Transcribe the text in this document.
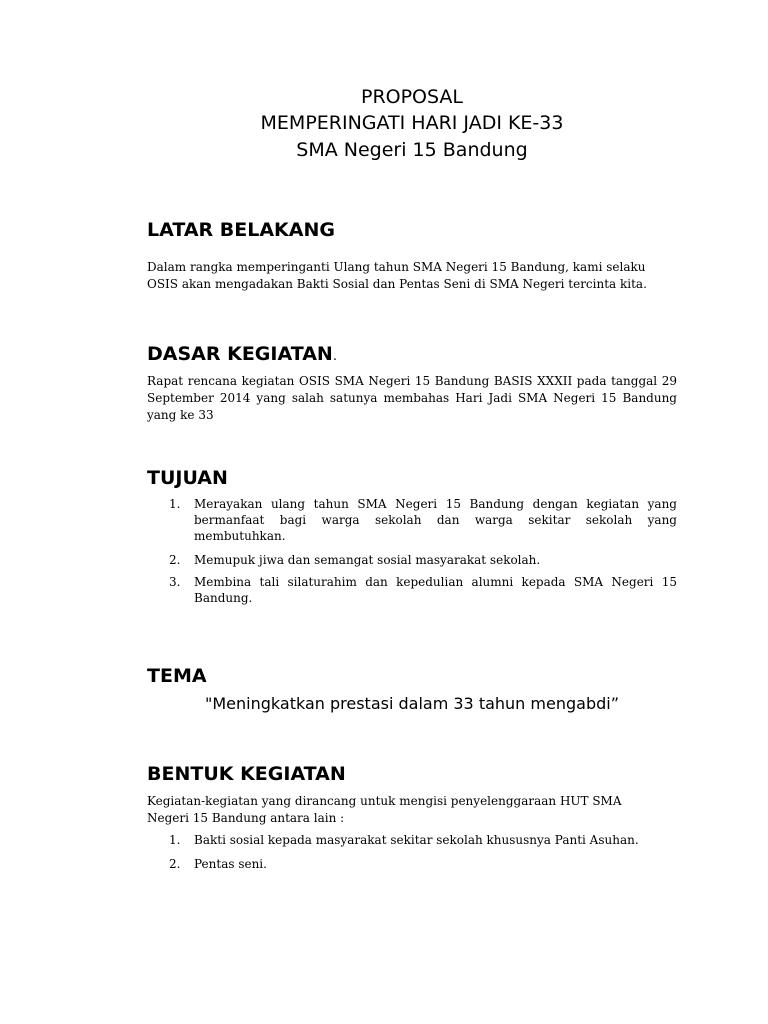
PROPOSAL
MEMPERINGATI HARI JADI KE-33
SMA Negeri 15 Bandung
LATAR BELAKANG
Dalam rangka memperinganti Ulang tahun SMA Negeri 15 Bandung, kami selaku OSIS akan mengadakan Bakti Sosial dan Pentas Seni di SMA Negeri tercinta kita.
DASAR KEGIATAN.
Rapat rencana kegiatan OSIS SMA Negeri 15 Bandung BASIS XXXII pada tanggal 29 September 2014 yang salah satunya membahas Hari Jadi SMA Negeri 15 Bandung yang ke 33
TUJUAN
1. Merayakan ulang tahun SMA Negeri 15 Bandung dengan kegiatan yang bermanfaat bagi warga sekolah dan warga sekitar sekolah yang membutuhkan.
2. Memupuk jiwa dan semangat sosial masyarakat sekolah.
3. Membina tali silaturahim dan kepedulian alumni kepada SMA Negeri 15 Bandung.
TEMA
"Meningkatkan prestasi dalam 33 tahun mengabdi”
BENTUK KEGIATAN
Kegiatan-kegiatan yang dirancang untuk mengisi penyelenggaraan HUT SMA Negeri 15 Bandung antara lain :
1. Bakti sosial kepada masyarakat sekitar sekolah khususnya Panti Asuhan.
2. Pentas seni.
